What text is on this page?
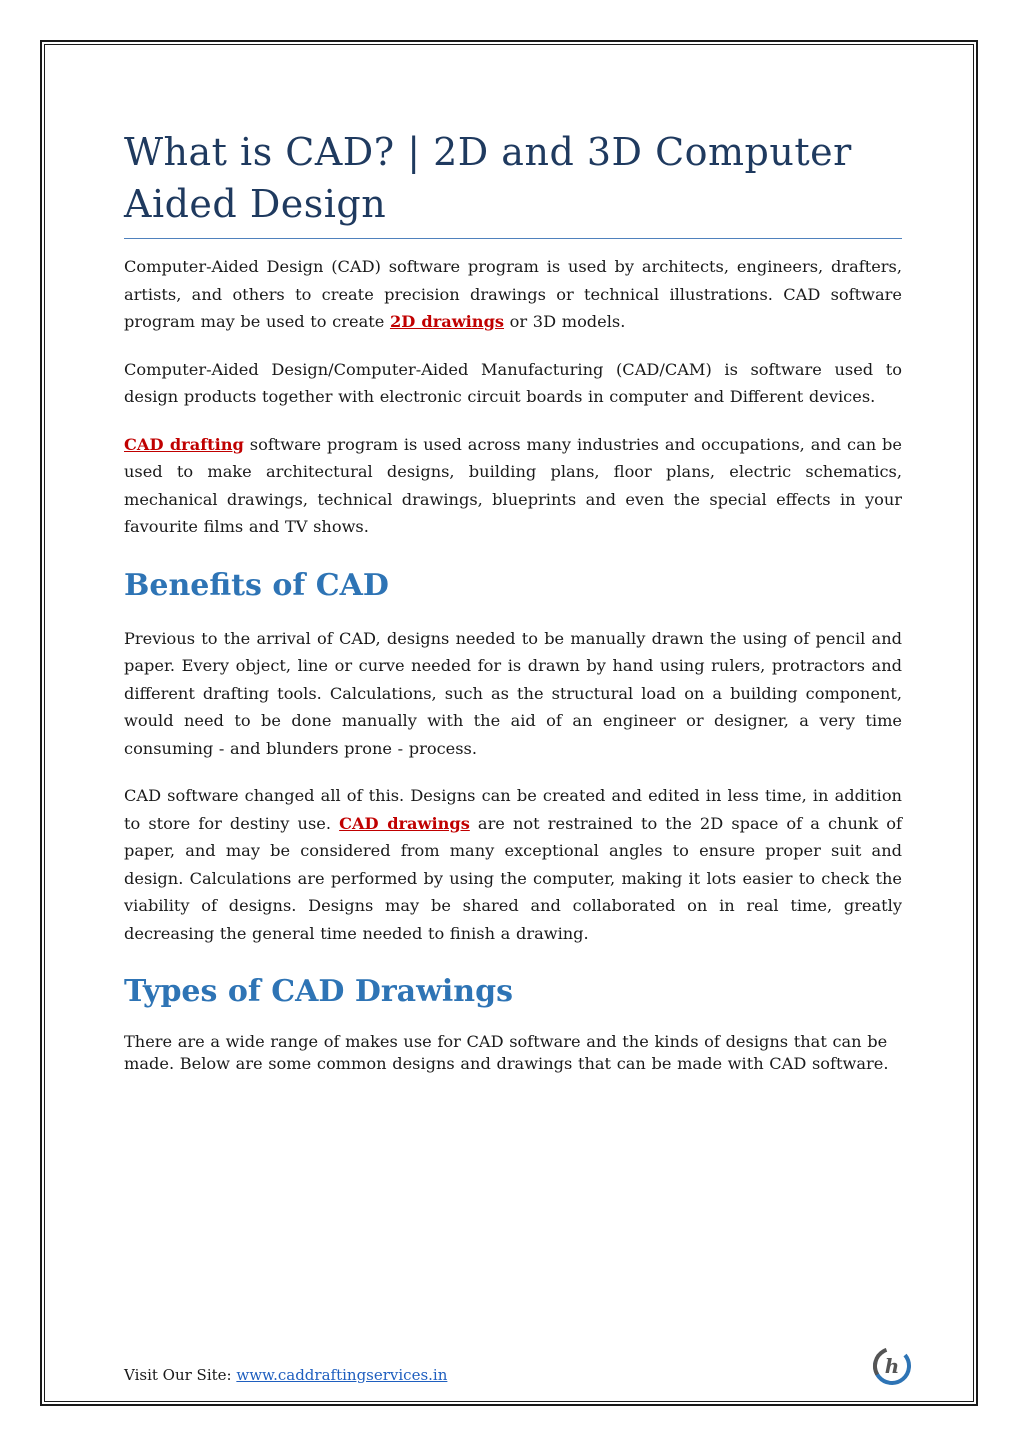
What is CAD? | 2D and 3D Computer Aided Design

Computer-Aided Design (CAD) software program is used by architects, engineers, drafters, artists, and others to create precision drawings or technical illustrations. CAD software program may be used to create 2D drawings or 3D models.

Computer-Aided Design/Computer-Aided Manufacturing (CAD/CAM) is software used to design products together with electronic circuit boards in computer and Different devices.

CAD drafting software program is used across many industries and occupations, and can be used to make architectural designs, building plans, floor plans, electric schematics, mechanical drawings, technical drawings, blueprints and even the special effects in your favourite films and TV shows.

Benefits of CAD

Previous to the arrival of CAD, designs needed to be manually drawn the using of pencil and paper. Every object, line or curve needed for is drawn by hand using rulers, protractors and different drafting tools. Calculations, such as the structural load on a building component, would need to be done manually with the aid of an engineer or designer, a very time consuming - and blunders prone - process.

CAD software changed all of this. Designs can be created and edited in less time, in addition to store for destiny use. CAD drawings are not restrained to the 2D space of a chunk of paper, and may be considered from many exceptional angles to ensure proper suit and design. Calculations are performed by using the computer, making it lots easier to check the viability of designs. Designs may be shared and collaborated on in real time, greatly decreasing the general time needed to finish a drawing.

Types of CAD Drawings

There are a wide range of makes use for CAD software and the kinds of designs that can be made. Below are some common designs and drawings that can be made with CAD software.

Visit Our Site: www.caddraftingservices.in	h
